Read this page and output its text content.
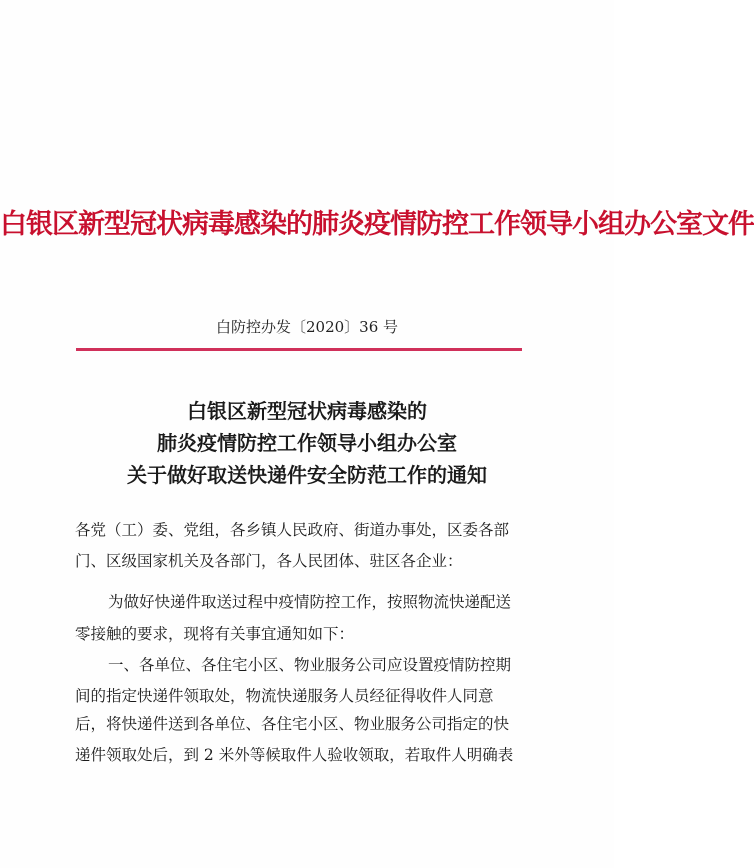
白银区新型冠状病毒感染的肺炎疫情防控工作领导小组办公室文件
白防控办发〔2020〕36 号
白银区新型冠状病毒感染的
肺炎疫情防控工作领导小组办公室
关于做好取送快递件安全防范工作的通知
各党（工）委、党组，各乡镇人民政府、街道办事处，区委各部
门、区级国家机关及各部门，各人民团体、驻区各企业：
为做好快递件取送过程中疫情防控工作，按照物流快递配送
零接触的要求，现将有关事宜通知如下：
一、各单位、各住宅小区、物业服务公司应设置疫情防控期
间的指定快递件领取处，物流快递服务人员经征得收件人同意
后，将快递件送到各单位、各住宅小区、物业服务公司指定的快
递件领取处后，到 2 米外等候取件人验收领取，若取件人明确表
